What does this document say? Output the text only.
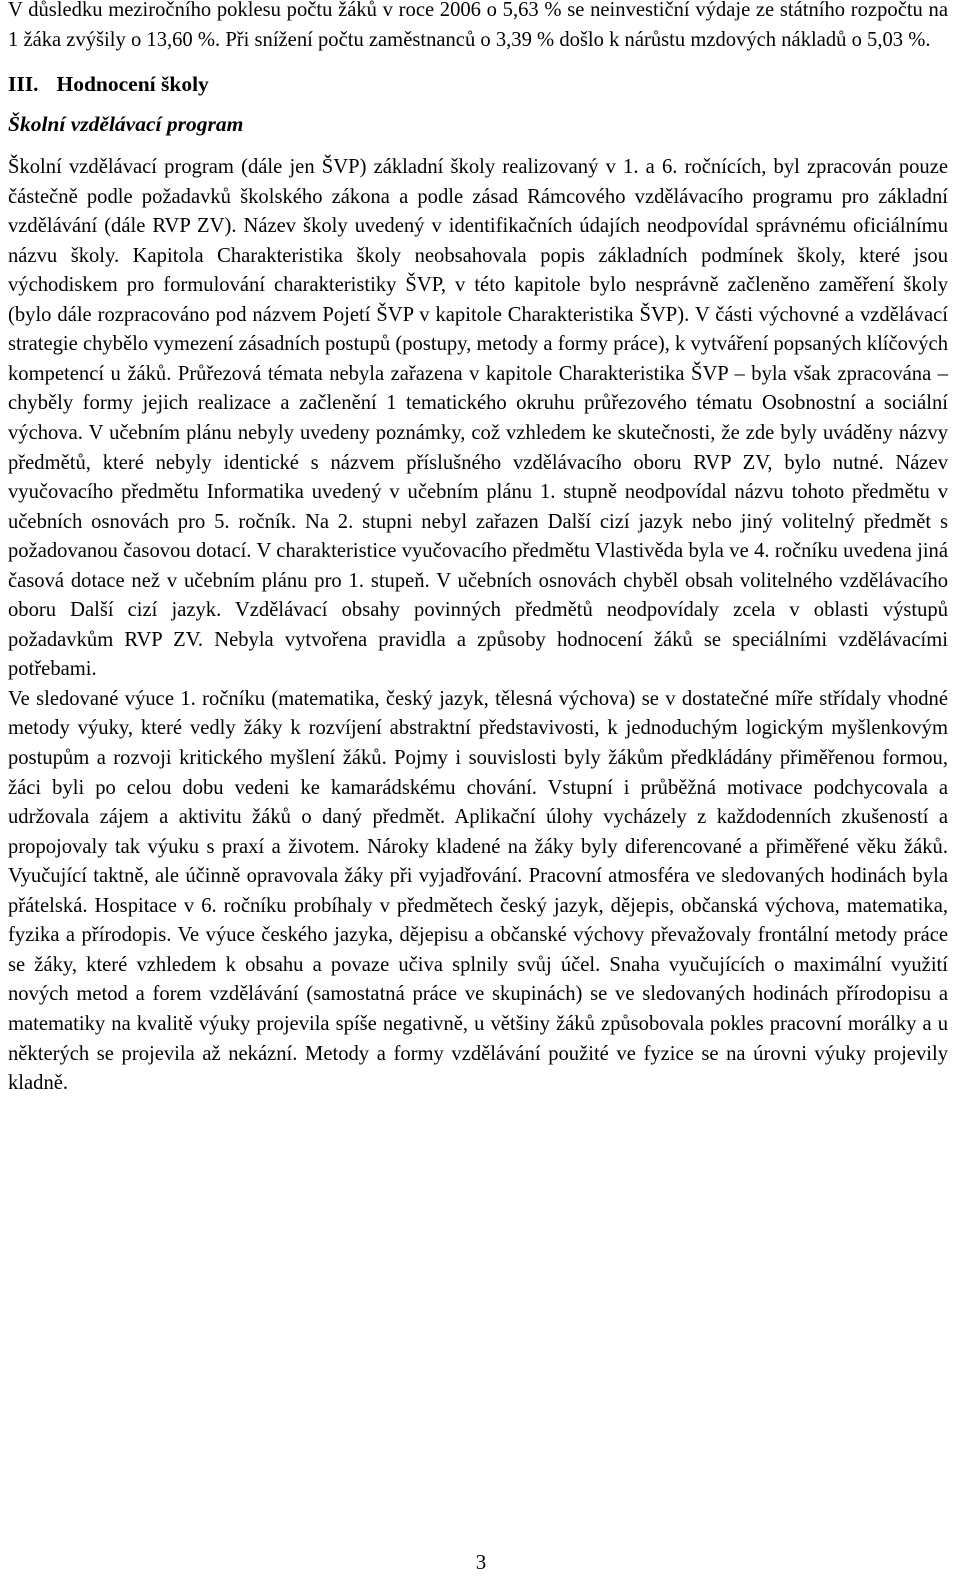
V důsledku meziročního poklesu počtu žáků v roce 2006 o 5,63 % se neinvestiční výdaje ze státního rozpočtu na 1 žáka zvýšily o 13,60 %. Při snížení počtu zaměstnanců o 3,39 % došlo k nárůstu mzdových nákladů o 5,03 %.

III. Hodnocení školy
Školní vzdělávací program

Školní vzdělávací program (dále jen ŠVP) základní školy realizovaný v 1. a 6. ročnících, byl zpracován pouze částečně podle požadavků školského zákona a podle zásad Rámcového vzdělávacího programu pro základní vzdělávání (dále RVP ZV). Název školy uvedený v identifikačních údajích neodpovídal správnému oficiálnímu názvu školy. Kapitola Charakteristika školy neobsahovala popis základních podmínek školy, které jsou východiskem pro formulování charakteristiky ŠVP, v této kapitole bylo nesprávně začleněno zaměření školy (bylo dále rozpracováno pod názvem Pojetí ŠVP v kapitole Charakteristika ŠVP). V části výchovné a vzdělávací strategie chybělo vymezení zásadních postupů (postupy, metody a formy práce), k vytváření popsaných klíčových kompetencí u žáků. Průřezová témata nebyla zařazena v kapitole Charakteristika ŠVP – byla však zpracována – chyběly formy jejich realizace a začlenění 1 tematického okruhu průřezového tématu Osobnostní a sociální výchova. V učebním plánu nebyly uvedeny poznámky, což vzhledem ke skutečnosti, že zde byly uváděny názvy předmětů, které nebyly identické s názvem příslušného vzdělávacího oboru RVP ZV, bylo nutné. Název vyučovacího předmětu Informatika uvedený v učebním plánu 1. stupně neodpovídal názvu tohoto předmětu v učebních osnovách pro 5. ročník. Na 2. stupni nebyl zařazen Další cizí jazyk nebo jiný volitelný předmět s požadovanou časovou dotací. V charakteristice vyučovacího předmětu Vlastivěda byla ve 4. ročníku uvedena jiná časová dotace než v učebním plánu pro 1. stupeň. V učebních osnovách chyběl obsah volitelného vzdělávacího oboru Další cizí jazyk. Vzdělávací obsahy povinných předmětů neodpovídaly zcela v oblasti výstupů požadavkům RVP ZV. Nebyla vytvořena pravidla a způsoby hodnocení žáků se speciálními vzdělávacími potřebami.

Ve sledované výuce 1. ročníku (matematika, český jazyk, tělesná výchova) se v dostatečné míře střídaly vhodné metody výuky, které vedly žáky k rozvíjení abstraktní představivosti, k jednoduchým logickým myšlenkovým postupům a rozvoji kritického myšlení žáků. Pojmy i souvislosti byly žákům předkládány přiměřenou formou, žáci byli po celou dobu vedeni ke kamarádskému chování. Vstupní i průběžná motivace podchycovala a udržovala zájem a aktivitu žáků o daný předmět. Aplikační úlohy vycházely z každodenních zkušeností a propojovaly tak výuku s praxí a životem. Nároky kladené na žáky byly diferencované a přiměřené věku žáků. Vyučující taktně, ale účinně opravovala žáky při vyjadřování. Pracovní atmosféra ve sledovaných hodinách byla přátelská. Hospitace v 6. ročníku probíhaly v předmětech český jazyk, dějepis, občanská výchova, matematika, fyzika a přírodopis. Ve výuce českého jazyka, dějepisu a občanské výchovy převažovaly frontální metody práce se žáky, které vzhledem k obsahu a povaze učiva splnily svůj účel. Snaha vyučujících o maximální využití nových metod a forem vzdělávání (samostatná práce ve skupinách) se ve sledovaných hodinách přírodopisu a matematiky na kvalitě výuky projevila spíše negativně, u většiny žáků způsobovala pokles pracovní morálky a u některých se projevila až nekázní. Metody a formy vzdělávání použité ve fyzice se na úrovni výuky projevily kladně.

3
